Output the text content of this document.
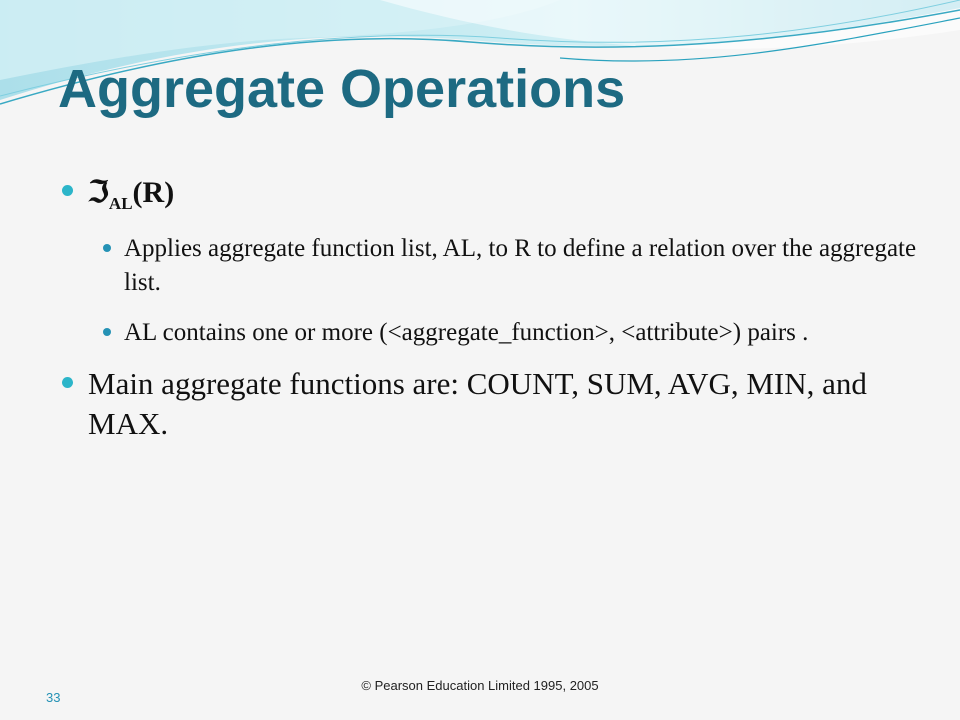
Aggregate Operations
ℑ$_{AL}$(R)
Applies aggregate function list, AL, to R to define a relation over the aggregate list.
AL contains one or more (<aggregate_function>, <attribute>) pairs .
Main aggregate functions are: COUNT, SUM, AVG, MIN, and MAX.
© Pearson Education Limited 1995, 2005
33
